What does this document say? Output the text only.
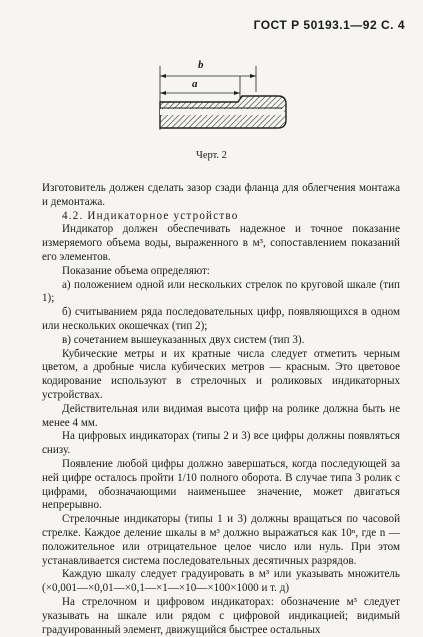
ГОСТ Р 50193.1—92 С. 4
b
a
Черт. 2

Изготовитель должен сделать зазор сзади фланца для облегчения монтажа и демонтажа.

4.2. Индикаторное устройство

Индикатор должен обеспечивать надежное и точное показание измеряемого объема воды, выраженного в м³, сопоставлением показаний его элементов.

Показание объема определяют:

а) положением одной или нескольких стрелок по круговой шкале (тип 1);

б) считыванием ряда последовательных цифр, появляющихся в одном или нескольких окошечках (тип 2);

в) сочетанием вышеуказанных двух систем (тип 3).

Кубические метры и их кратные числа следует отметить черным цветом, а дробные числа кубических метров — красным. Это цветовое кодирование используют в стрелочных и роликовых индикаторных устройствах.

Действительная или видимая высота цифр на ролике должна быть не менее 4 мм.

На цифровых индикаторах (типы 2 и 3) все цифры должны появляться снизу.

Появление любой цифры должно завершаться, когда последующей за ней цифре осталось пройти 1/10 полного оборота. В случае типа 3 ролик с цифрами, обозначающими наименьшее значение, может двигаться непрерывно.

Стрелочные индикаторы (типы 1 и 3) должны вращаться по часовой стрелке. Каждое деление шкалы в м³ должно выражаться как 10ⁿ, где n — положительное или отрицательное целое число или нуль. При этом устанавливается система последовательных десятичных разрядов.

Каждую шкалу следует градуировать в м³ или указывать множитель (×0,001—×0,01—×0,1—×1—×10—×100×1000 и т. д)

На стрелочном и цифровом индикаторах: обозначение м³ следует указывать на шкале или рядом с цифровой индикацией; видимый градуированный элемент, движущийся быстрее остальных
